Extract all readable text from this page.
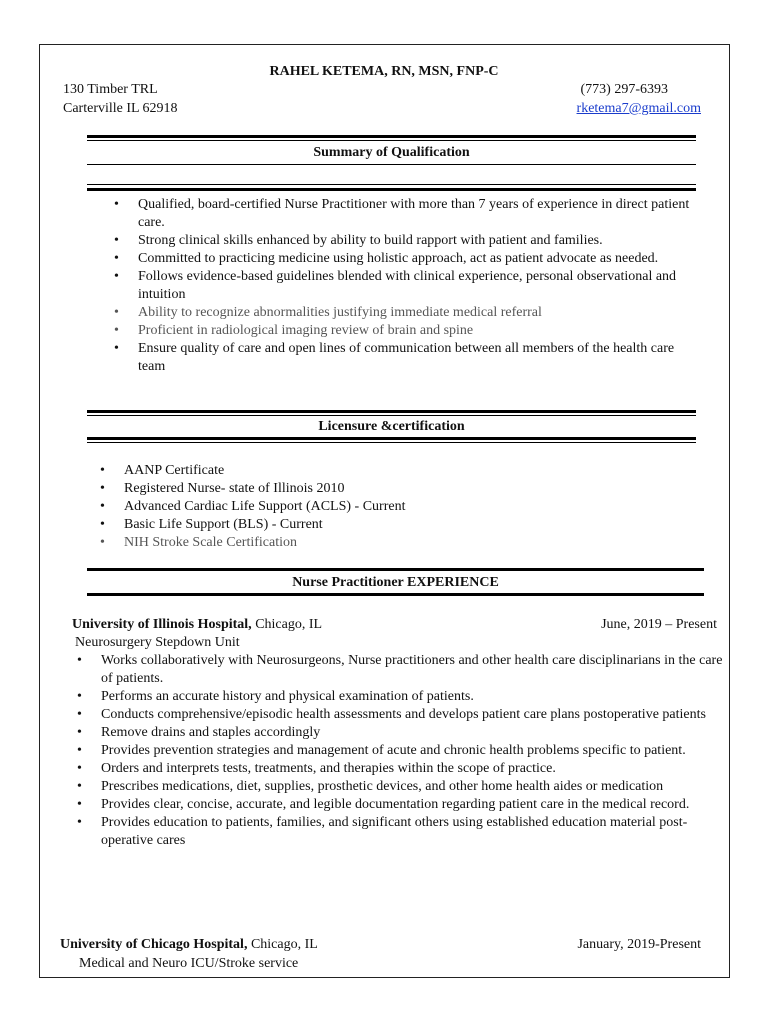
RAHEL KETEMA, RN, MSN, FNP-C
130 Timber TRL
Carterville IL 62918
(773) 297-6393
rketema7@gmail.com
Summary of Qualification
• Qualified, board-certified Nurse Practitioner with more than 7 years of experience in direct patient care.
• Strong clinical skills enhanced by ability to build rapport with patient and families.
• Committed to practicing medicine using holistic approach, act as patient advocate as needed.
• Follows evidence-based guidelines blended with clinical experience, personal observational and intuition
• Ability to recognize abnormalities justifying immediate medical referral
• Proficient in radiological imaging review of brain and spine
• Ensure quality of care and open lines of communication between all members of the health care team
Licensure &certification
• AANP Certificate
• Registered Nurse- state of Illinois 2010
• Advanced Cardiac Life Support (ACLS) - Current
• Basic Life Support (BLS) - Current
• NIH Stroke Scale Certification
Nurse Practitioner EXPERIENCE
University of Illinois Hospital, Chicago, IL	June, 2019 – Present
Neurosurgery Stepdown Unit
• Works collaboratively with Neurosurgeons, Nurse practitioners and other health care disciplinarians in the care of patients.
• Performs an accurate history and physical examination of patients.
• Conducts comprehensive/episodic health assessments and develops patient care plans postoperative patients
• Remove drains and staples accordingly
• Provides prevention strategies and management of acute and chronic health problems specific to patient.
• Orders and interprets tests, treatments, and therapies within the scope of practice.
• Prescribes medications, diet, supplies, prosthetic devices, and other home health aides or medication
• Provides clear, concise, accurate, and legible documentation regarding patient care in the medical record.
• Provides education to patients, families, and significant others using established education material post-operative cares
University of Chicago Hospital, Chicago, IL	January, 2019-Present
Medical and Neuro ICU/Stroke service
